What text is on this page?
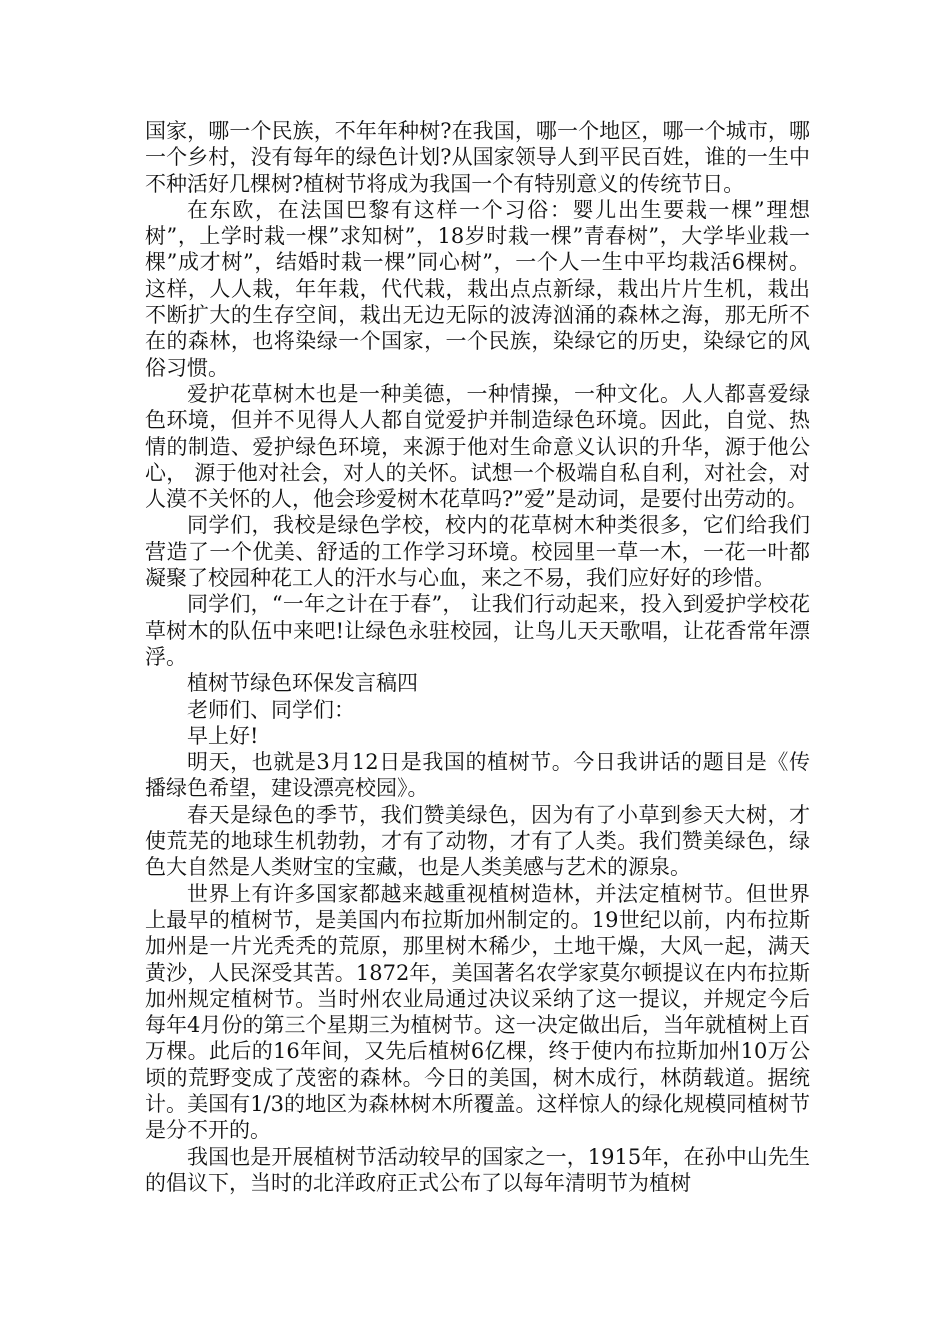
国家，哪一个民族，不年年种树?在我国，哪一个地区，哪一个城市，哪一个乡村，没有每年的绿色计划?从国家领导人到平民百姓，谁的一生中不种活好几棵树?植树节将成为我国一个有特别意义的传统节日。

在东欧，在法国巴黎有这样一个习俗：婴儿出生要栽一棵”理想树”，上学时栽一棵”求知树”，18岁时栽一棵”青春树”，大学毕业栽一棵”成才树”，结婚时栽一棵”同心树”，一个人一生中平均栽活6棵树。这样，人人栽，年年栽，代代栽，栽出点点新绿，栽出片片生机，栽出不断扩大的生存空间，栽出无边无际的波涛汹涌的森林之海，那无所不在的森林，也将染绿一个国家，一个民族，染绿它的历史，染绿它的风俗习惯。

爱护花草树木也是一种美德，一种情操，一种文化。人人都喜爱绿色环境，但并不见得人人都自觉爱护并制造绿色环境。因此，自觉、热情的制造、爱护绿色环境，来源于他对生命意义认识的升华，源于他公心， 源于他对社会，对人的关怀。试想一个极端自私自利，对社会，对人漠不关怀的人，他会珍爱树木花草吗?”爱”是动词，是要付出劳动的。

同学们，我校是绿色学校，校内的花草树木种类很多，它们给我们营造了一个优美、舒适的工作学习环境。校园里一草一木，一花一叶都凝聚了校园种花工人的汗水与心血，来之不易，我们应好好的珍惜。

同学们，“一年之计在于春”， 让我们行动起来，投入到爱护学校花草树木的队伍中来吧!让绿色永驻校园，让鸟儿天天歌唱，让花香常年漂浮。

植树节绿色环保发言稿四

老师们、同学们：

早上好!

明天，也就是3月12日是我国的植树节。今日我讲话的题目是《传播绿色希望，建设漂亮校园》。

春天是绿色的季节，我们赞美绿色，因为有了小草到参天大树，才使荒芜的地球生机勃勃，才有了动物，才有了人类。我们赞美绿色，绿色大自然是人类财宝的宝藏，也是人类美感与艺术的源泉。

世界上有许多国家都越来越重视植树造林，并法定植树节。但世界上最早的植树节，是美国内布拉斯加州制定的。19世纪以前，内布拉斯加州是一片光秃秃的荒原，那里树木稀少，土地干燥，大风一起，满天黄沙，人民深受其苦。1872年，美国著名农学家莫尔顿提议在内布拉斯加州规定植树节。当时州农业局通过决议采纳了这一提议，并规定今后每年4月份的第三个星期三为植树节。这一决定做出后，当年就植树上百万棵。此后的16年间，又先后植树6亿棵，终于使内布拉斯加州10万公顷的荒野变成了茂密的森林。今日的美国，树木成行，林荫载道。据统计。美国有1/3的地区为森林树木所覆盖。这样惊人的绿化规模同植树节是分不开的。

我国也是开展植树节活动较早的国家之一，1915年，在孙中山先生的倡议下，当时的北洋政府正式公布了以每年清明节为植树
